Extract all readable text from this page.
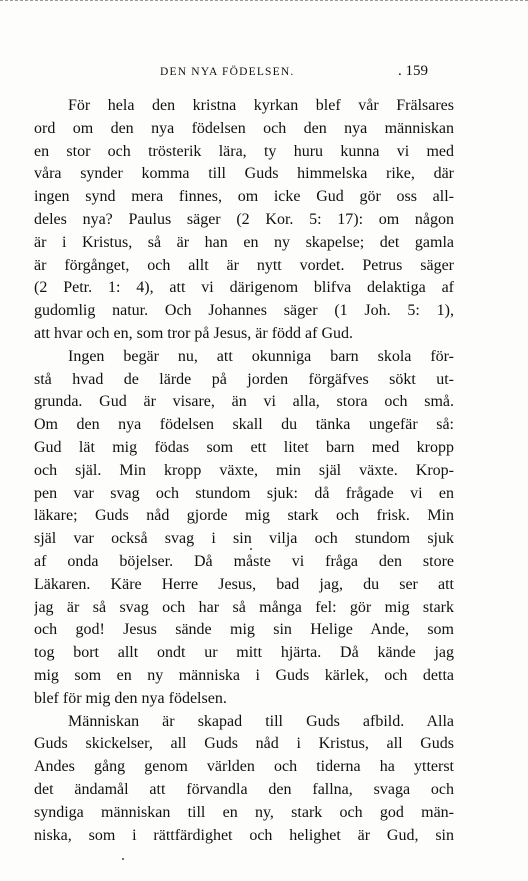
DEN NYA FÖDELSEN.	. 159
För hela den kristna kyrkan blef vår Frälsares
ord om den nya födelsen och den nya människan
en stor och trösterik lära, ty huru kunna vi med
våra synder komma till Guds himmelska rike, där
ingen synd mera finnes, om icke Gud gör oss all-
deles nya? Paulus säger (2 Kor. 5: 17): om någon
är i Kristus, så är han en ny skapelse; det gamla
är förgånget, och allt är nytt vordet. Petrus säger
(2 Petr. 1: 4), att vi därigenom blifva delaktiga af
gudomlig natur. Och Johannes säger (1 Joh. 5: 1),
att hvar och en, som tror på Jesus, är född af Gud.
Ingen begär nu, att okunniga barn skola för-
stå hvad de lärde på jorden förgäfves sökt ut-
grunda. Gud är visare, än vi alla, stora och små.
Om den nya födelsen skall du tänka ungefär så:
Gud lät mig födas som ett litet barn med kropp
och själ. Min kropp växte, min själ växte. Krop-
pen var svag och stundom sjuk: då frågade vi en
läkare; Guds nåd gjorde mig stark och frisk. Min
själ var också svag i sin vilja och stundom sjuk
af onda böjelser. Då måste vi fråga den store
Läkaren. Käre Herre Jesus, bad jag, du ser att
jag är så svag och har så många fel: gör mig stark
och god! Jesus sände mig sin Helige Ande, som
tog bort allt ondt ur mitt hjärta. Då kände jag
mig som en ny människa i Guds kärlek, och detta
blef för mig den nya födelsen.
Människan är skapad till Guds afbild. Alla
Guds skickelser, all Guds nåd i Kristus, all Guds
Andes gång genom världen och tiderna ha ytterst
det ändamål att förvandla den fallna, svaga och
syndiga människan till en ny, stark och god män-
niska, som i rättfärdighet och helighet är Gud, sin
